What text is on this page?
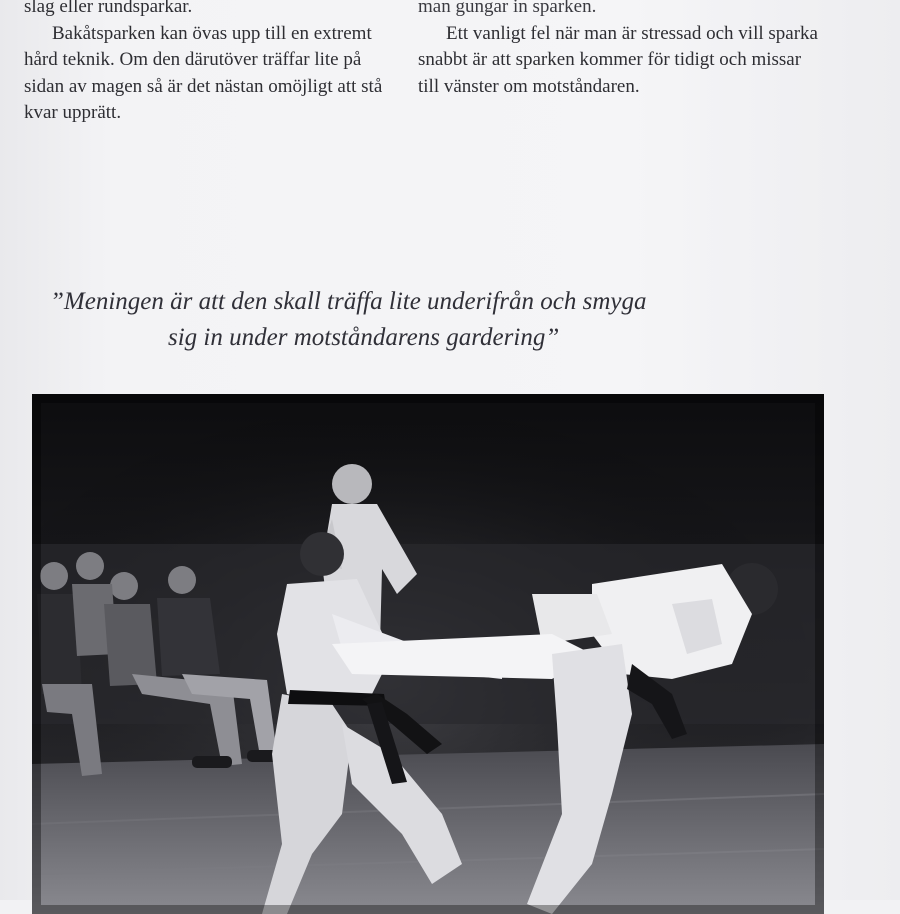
slag eller rundsparkar.

Bakåtsparken kan övas upp till en extremt hård teknik. Om den därutöver träffar lite på sidan av magen så är det nästan omöjligt att stå kvar upprätt.

man gungar in sparken.

Ett vanligt fel när man är stressad och vill sparka snabbt är att sparken kommer för tidigt och missar till vänster om motståndaren.

”Meningen är att den skall träffa lite underifrån och smyga
sig in under motståndarens gardering”
